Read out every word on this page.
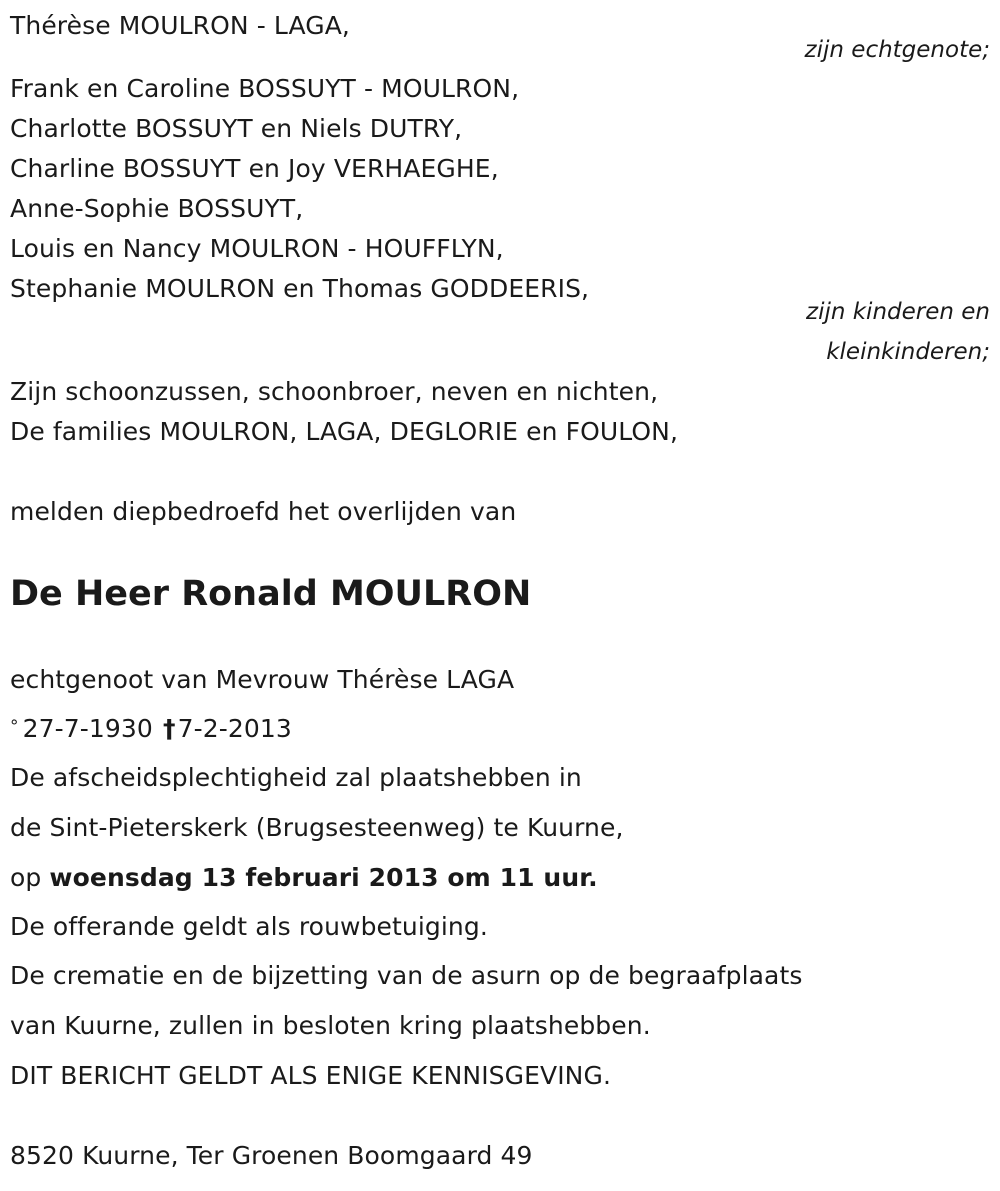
Thérèse MOULRON - LAGA,
zijn echtgenote;
Frank en Caroline BOSSUYT - MOULRON,
Charlotte BOSSUYT en Niels DUTRY,
Charline BOSSUYT en Joy VERHAEGHE,
Anne-Sophie BOSSUYT,
Louis en Nancy MOULRON - HOUFFLYN,
Stephanie MOULRON en Thomas GODDEERIS,
zijn kinderen en
kleinkinderen;
Zijn schoonzussen, schoonbroer, neven en nichten,
De families MOULRON, LAGA, DEGLORIE en FOULON,
melden diepbedroefd het overlijden van
De Heer Ronald MOULRON
echtgenoot van Mevrouw Thérèse LAGA
° 27-7-1930 †7-2-2013
De afscheidsplechtigheid zal plaatshebben in
de Sint-Pieterskerk (Brugsesteenweg) te Kuurne,
op woensdag 13 februari 2013 om 11 uur.
De offerande geldt als rouwbetuiging.
De crematie en de bijzetting van de asurn op de begraafplaats
van Kuurne, zullen in besloten kring plaatshebben.
DIT BERICHT GELDT ALS ENIGE KENNISGEVING.
8520 Kuurne, Ter Groenen Boomgaard 49
